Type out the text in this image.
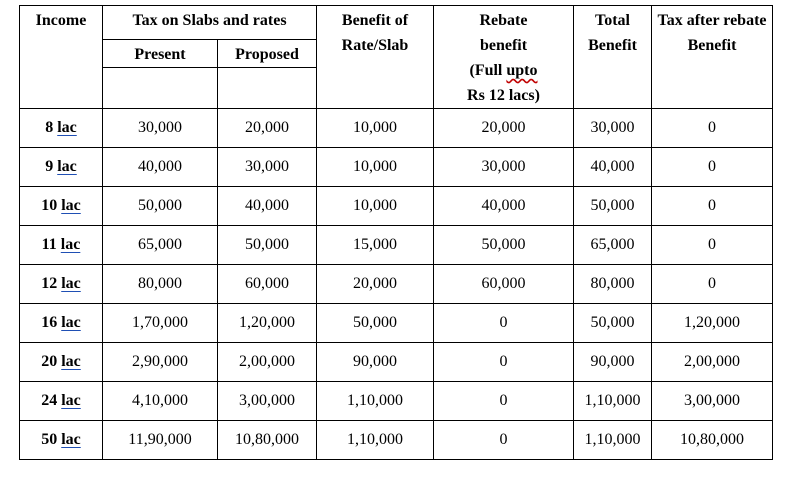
Income	Tax on Slabs and rates		Benefit of Rate/Slab	Rebate
benefit
(Full upto
Rs 12 lacs)	Total Benefit	Tax after rebate Benefit
	Present	Proposed				

8 lac	30,000	20,000	10,000	20,000	30,000	0
9 lac	40,000	30,000	10,000	30,000	40,000	0
10 lac	50,000	40,000	10,000	40,000	50,000	0
11 lac	65,000	50,000	15,000	50,000	65,000	0
12 lac	80,000	60,000	20,000	60,000	80,000	0
16 lac	1,70,000	1,20,000	50,000	0	50,000	1,20,000
20 lac	2,90,000	2,00,000	90,000	0	90,000	2,00,000
24 lac	4,10,000	3,00,000	1,10,000	0	1,10,000	3,00,000
50 lac	11,90,000	10,80,000	1,10,000	0	1,10,000	10,80,000
